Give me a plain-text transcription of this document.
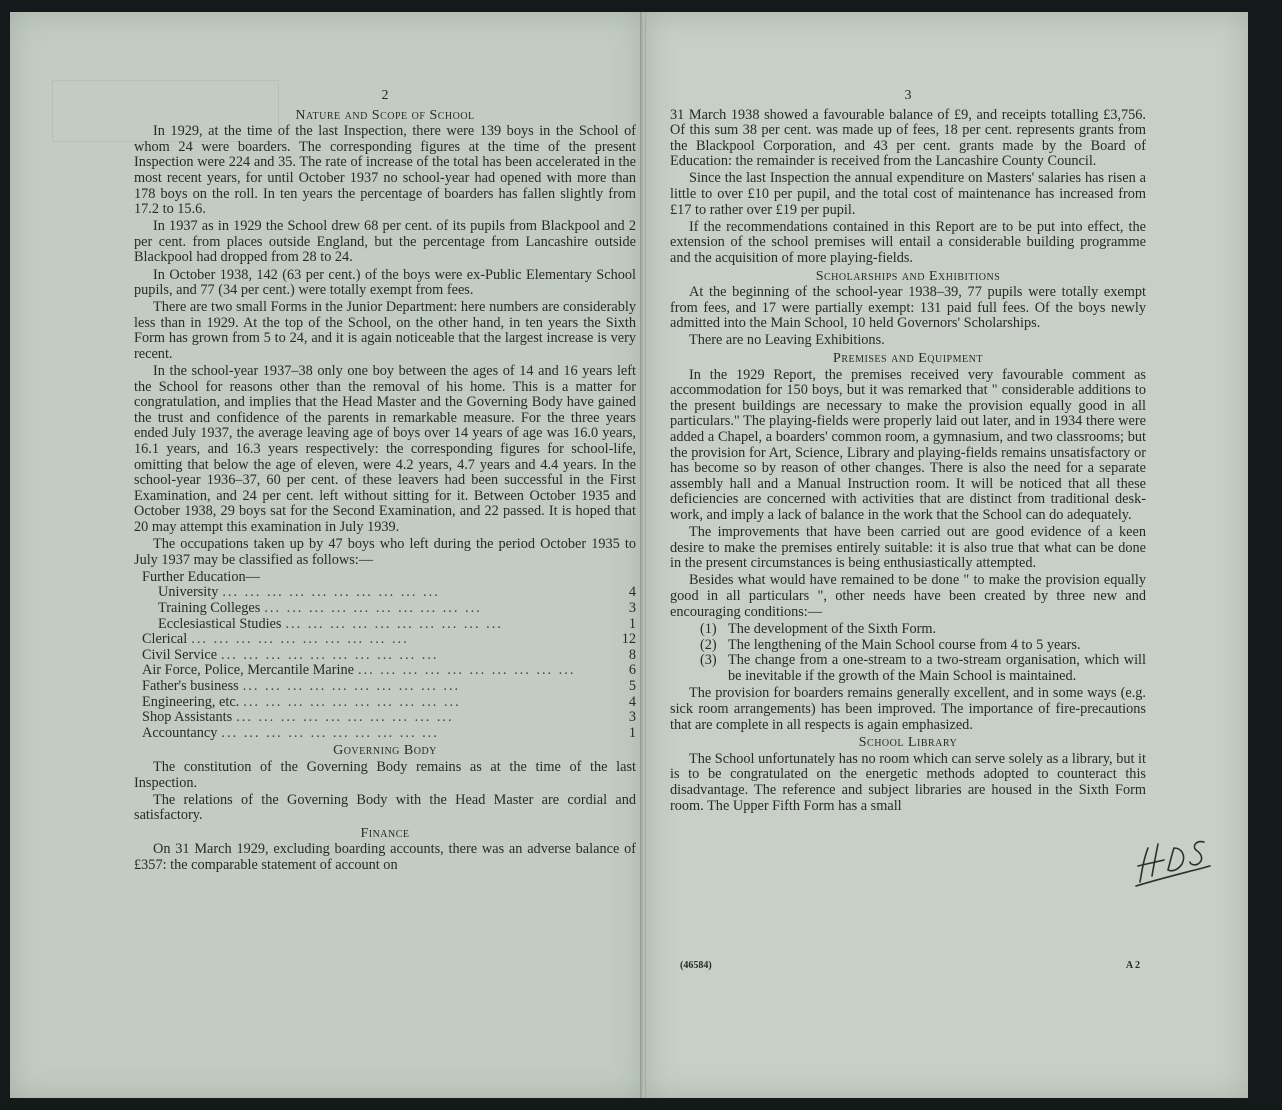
2
Nature and Scope of School

In 1929, at the time of the last Inspection, there were 139 boys in the School of whom 24 were boarders. The corresponding figures at the time of the present Inspection were 224 and 35. The rate of increase of the total has been accelerated in the most recent years, for until October 1937 no school-year had opened with more than 178 boys on the roll. In ten years the percentage of boarders has fallen slightly from 17.2 to 15.6.

In 1937 as in 1929 the School drew 68 per cent. of its pupils from Blackpool and 2 per cent. from places outside England, but the percentage from Lancashire outside Blackpool had dropped from 28 to 24.

In October 1938, 142 (63 per cent.) of the boys were ex-Public Elementary School pupils, and 77 (34 per cent.) were totally exempt from fees.

There are two small Forms in the Junior Department: here numbers are considerably less than in 1929. At the top of the School, on the other hand, in ten years the Sixth Form has grown from 5 to 24, and it is again noticeable that the largest increase is very recent.

In the school-year 1937–38 only one boy between the ages of 14 and 16 years left the School for reasons other than the removal of his home. This is a matter for congratulation, and implies that the Head Master and the Governing Body have gained the trust and confidence of the parents in remarkable measure. For the three years ended July 1937, the average leaving age of boys over 14 years of age was 16.0 years, 16.1 years, and 16.3 years respectively: the corresponding figures for school-life, omitting that below the age of eleven, were 4.2 years, 4.7 years and 4.4 years. In the school-year 1936–37, 60 per cent. of these leavers had been successful in the First Examination, and 24 per cent. left without sitting for it. Between October 1935 and October 1938, 29 boys sat for the Second Examination, and 22 passed. It is hoped that 20 may attempt this examination in July 1939.

The occupations taken up by 47 boys who left during the period October 1935 to July 1937 may be classified as follows:—

Further Education—
University ... ... ... ... ... ... ... ... ... ...	4
Training Colleges ... ... ... ... ... ... ... ... ... ...	3
Ecclesiastical Studies ... ... ... ... ... ... ... ... ... ...	1
Clerical ... ... ... ... ... ... ... ... ... ...	12
Civil Service ... ... ... ... ... ... ... ... ... ...	8
Air Force, Police, Mercantile Marine ... ... ... ... ... ... ... ... ... ...	6
Father's business ... ... ... ... ... ... ... ... ... ...	5
Engineering, etc. ... ... ... ... ... ... ... ... ... ...	4
Shop Assistants ... ... ... ... ... ... ... ... ... ...	3
Accountancy ... ... ... ... ... ... ... ... ... ...	1
Governing Body

The constitution of the Governing Body remains as at the time of the last Inspection.

The relations of the Governing Body with the Head Master are cordial and satisfactory.

Finance

On 31 March 1929, excluding boarding accounts, there was an adverse balance of £357: the comparable statement of account on

3

31 March 1938 showed a favourable balance of £9, and receipts totalling £3,756. Of this sum 38 per cent. was made up of fees, 18 per cent. represents grants from the Blackpool Corporation, and 43 per cent. grants made by the Board of Education: the remainder is received from the Lancashire County Council.

Since the last Inspection the annual expenditure on Masters' salaries has risen a little to over £10 per pupil, and the total cost of maintenance has increased from £17 to rather over £19 per pupil.

If the recommendations contained in this Report are to be put into effect, the extension of the school premises will entail a considerable building programme and the acquisition of more playing-fields.

Scholarships and Exhibitions

At the beginning of the school-year 1938–39, 77 pupils were totally exempt from fees, and 17 were partially exempt: 131 paid full fees. Of the boys newly admitted into the Main School, 10 held Governors' Scholarships.

There are no Leaving Exhibitions.

Premises and Equipment

In the 1929 Report, the premises received very favourable comment as accommodation for 150 boys, but it was remarked that " considerable additions to the present buildings are necessary to make the provision equally good in all particulars." The playing-fields were properly laid out later, and in 1934 there were added a Chapel, a boarders' common room, a gymnasium, and two classrooms; but the provision for Art, Science, Library and playing-fields remains unsatisfactory or has become so by reason of other changes. There is also the need for a separate assembly hall and a Manual Instruction room. It will be noticed that all these deficiencies are concerned with activities that are distinct from traditional desk-work, and imply a lack of balance in the work that the School can do adequately.

The improvements that have been carried out are good evidence of a keen desire to make the premises entirely suitable: it is also true that what can be done in the present circumstances is being enthusiastically attempted.

Besides what would have remained to be done " to make the provision equally good in all particulars ", other needs have been created by three new and encouraging conditions:—

(1) The development of the Sixth Form.
(2) The lengthening of the Main School course from 4 to 5 years.
(3) The change from a one-stream to a two-stream organisation, which will be inevitable if the growth of the Main School is maintained.

The provision for boarders remains generally excellent, and in some ways (e.g. sick room arrangements) has been improved. The importance of fire-precautions that are complete in all respects is again emphasized.

School Library

The School unfortunately has no room which can serve solely as a library, but it is to be congratulated on the energetic methods adopted to counteract this disadvantage. The reference and subject libraries are housed in the Sixth Form room. The Upper Fifth Form has a small

(46584)	A 2
